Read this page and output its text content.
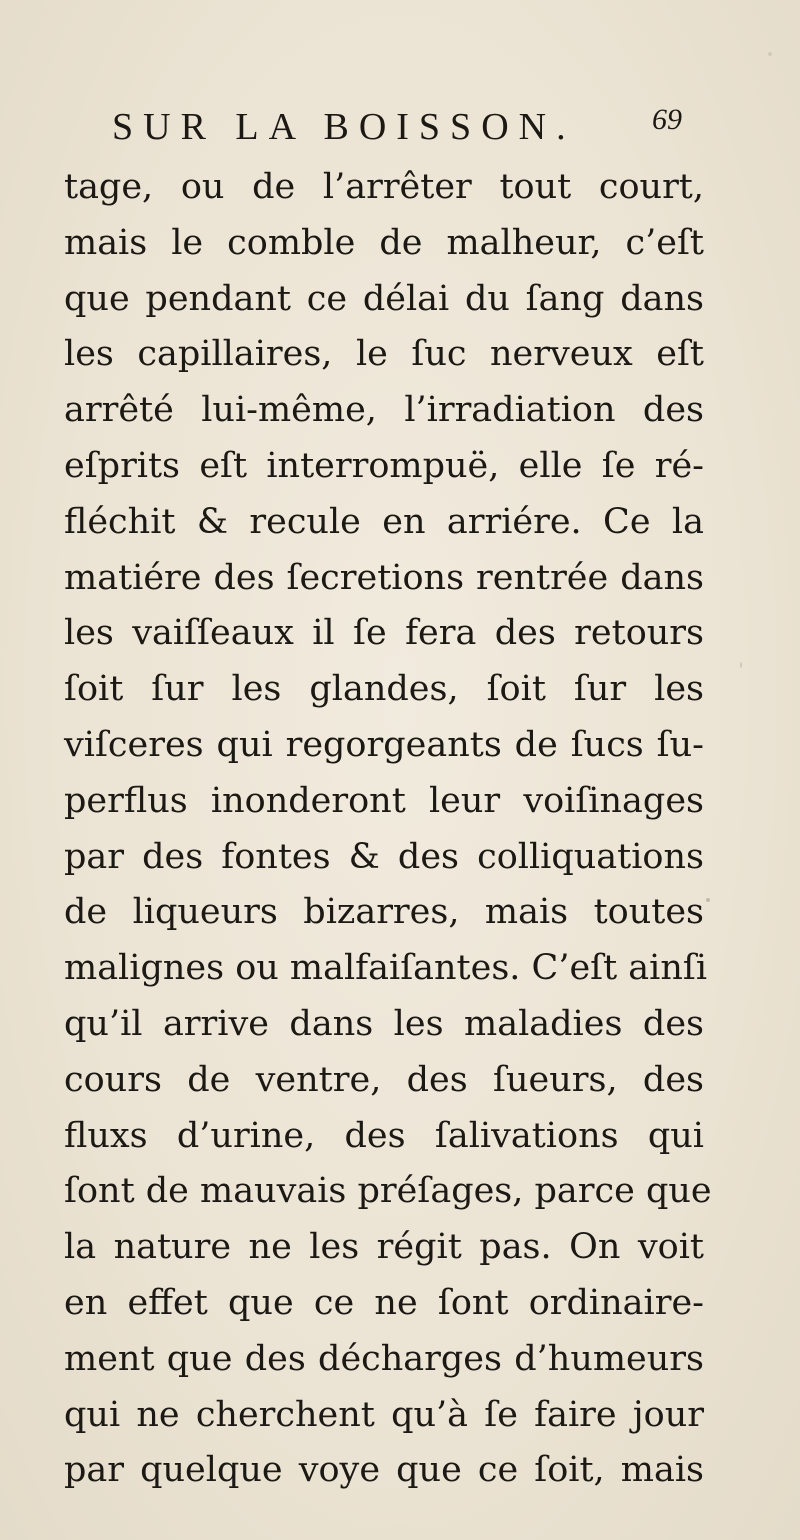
SUR LA BOISSON.	69
tage, ou de l’arrêter tout court,
mais le comble de malheur, c’eſt
que pendant ce délai du ſang dans
les capillaires, le ſuc nerveux eſt
arrêté lui-même, l’irradiation des
eſprits eſt interrompuë, elle ſe ré-
fléchit & recule en arriére. Ce la
matiére des ſecretions rentrée dans
les vaiſſeaux il ſe fera des retours
ſoit ſur les glandes, ſoit ſur les
viſceres qui regorgeants de ſucs ſu-
perflus inonderont leur voiſinages
par des fontes & des colliquations
de liqueurs bizarres, mais toutes
malignes ou malfaiſantes. C’eſt ainſi
qu’il arrive dans les maladies des
cours de ventre, des ſueurs, des
fluxs d’urine, des ſalivations qui
ſont de mauvais préſages, parce que
la nature ne les régit pas. On voit
en effet que ce ne ſont ordinaire-
ment que des décharges d’humeurs
qui ne cherchent qu’à ſe faire jour
par quelque voye que ce ſoit, mais
